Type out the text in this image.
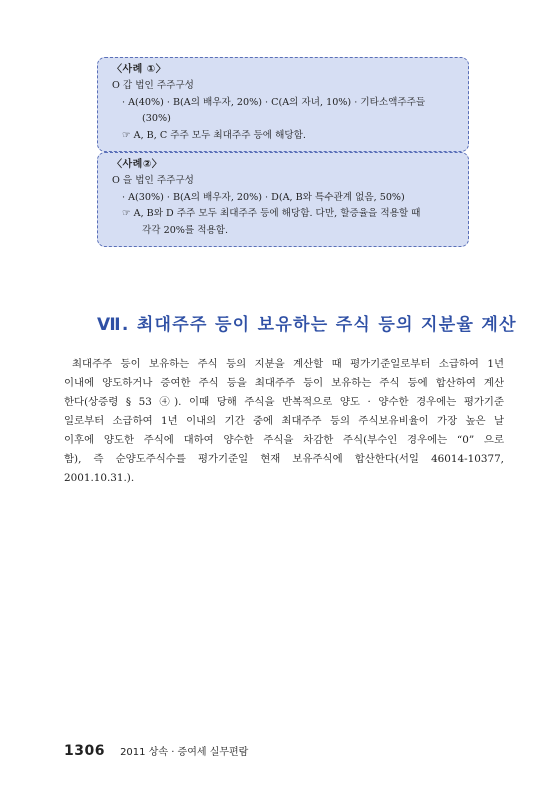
〈사례 ①〉
O 갑 법인 주주구성
· A(40%) · B(A의 배우자, 20%) · C(A의 자녀, 10%) · 기타소액주주들
(30%)
☞ A, B, C 주주 모두 최대주주 등에 해당함.
〈사례②〉
O 을 법인 주주구성
· A(30%) · B(A의 배우자, 20%) · D(A, B와 특수관계 없음, 50%)
☞ A, B와 D 주주 모두 최대주주 등에 해당함. 다만, 할증율을 적용할 때
각각 20%를 적용함.
Ⅶ. 최대주주 등이 보유하는 주식 등의 지분율 계산
최대주주 등이 보유하는 주식 등의 지분을 계산할 때 평가기준일로부터 소급하여 1년
이내에 양도하거나 증여한 주식 등을 최대주주 등이 보유하는 주식 등에 합산하여 계산
한다(상증령 § 53 ④). 이때 당해 주식을 반복적으로 양도 · 양수한 경우에는 평가기준
일로부터 소급하여 1년 이내의 기간 중에 최대주주 등의 주식보유비율이 가장 높은 날
이후에 양도한 주식에 대하여 양수한 주식을 차감한 주식(부수인 경우에는 “0” 으로
함), 즉 순양도주식수를 평가기준일 현재 보유주식에 합산한다(서일 46014-10377,
2001.10.31.).
1306 2011 상속 · 증여세 실무편람
